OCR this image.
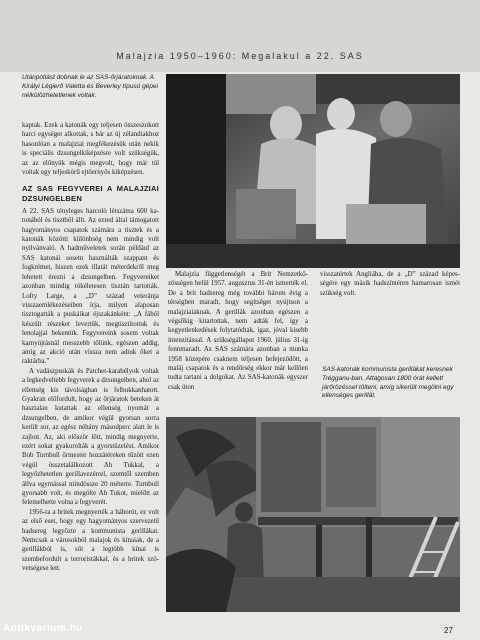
Malajzia 1950–1960: Megalakul a 22. SAS
Utánpótlást dobnak le az SAS-őrjáratoknak. A Királyi Légierő Valetta és Beverley típusú gépei nélkülözhetetlenek voltak.

kaptak. Ezek a katonák egy teljesen összeszokott harci egységet alkottak, s bár az új zélandiakhoz hasonlóan a malajziai megfékezésük után nekik is speciális dzsungelkiképzésre volt szükségük, az az előnyük mégis megvolt, hogy már túl voltak egy teljeskörű ejtőernyős kiképzésen.

AZ SAS FEGYVEREI A MALAJZIAI DZSUNGELBEN

A 22. SAS tényleges harcoló létszáma 600 katonából és tisztből állt. Az ezred által támogatott hagyományos csapatok számára a tisztek és a katonák közötti különbség nem mindig volt nyilvánvaló. A hadműveletek során például az SAS katonái sosem használták szappant és fogkrémet, hiszen ezek illatát méterdekről meg lehetett érezni a dzsungelben. Fegyvereiket azonban mindig tökéletesen tisztán tartották. Lofty Large, a „D” század veteránja visszaemlékezéseiben írja, milyen alaposan tisztogatták a puskáikat éjszakánként: „A fából készült részeket levertük, megtisztítottuk és lenolajjal bekentük. Fegyvereink sosem voltak karnyújtásnál messzebb tőlünk, egészen addig, amíg az akció után vissza nem adtuk őket a raktárba.”

A vadászpuskák és Patchet-karabélyok voltak a legkedveltebb fegyverek a dzsungelben, ahol az ellenség kis távolságban is felbukkanhatott. Gyakran előfordult, hogy az őrjáratok beteken át hasztalan kutattak az ellenség nyomát a dzsungelben, de amikor végül gyorsan sorra került sor, az egész néhány másodperc alatt le is zajlott. Az, aki először lőtt, mindig megnyerte, ezért sokat gyakorolták a gyorstüzelést. Amikor Bob Turnbull őrmester hozzátéreken tűzött ezen végül összetalálkozott Ah Tukkal, a legyőzhetetlen gerillavezérrel, szemtől szemben állva egymással mindössze 20 méterre. Turnbull gyorsabb volt, és megölte Ah Tukot, mielőtt az felemelhette volna a fegyverét.

1956-ra a britek megnyerték a háborút, ez volt az első eset, hogy egy hagyományos szervezetű hadsereg legyőzte a kommunista gerillákat. Nemcsak a városokból malajok és kínaiak, de a gerillákból is, sőt a legtöbb kínai is szembefordult a terroristákkal, és a britek szövetségese lett.

Malajzia függetlenségét a Brit Nemzetközösségen belül 1957. augusztus 31-én ismerték el. De a brit hadsereg még további három évig a térségben maradt, hogy segítséget nyújtson a malajziaiaknak. A gerillák azonban egészen a végsőkig kitartottak, nem adták fel, így a kegyetlenkedések folytatódtak, igaz, jóval kisebb intenzitással. A szükségállapot 1960. július 31-ig fennmaradt. Az SAS számára azonban a munka 1958 közepére csaknem teljesen befejeződött, a maláj csapatok és a rendőrség ekkor már kellően tudta tartani a dolgokat. Az SAS-katonák egyszer csak úton

visszatértek Angliába, de a „D” század képességére egy másik hadszíntéren hamarosan ismét szükség volt.

SAS-katonák kommunista gerillákat keresnek Trégganu-ban. Attagosan 1800 órát kellett járőrözéssel tölteni, amíg sikerült megölni egy ellenséges gerillát.
27
Antikvarium.hu
